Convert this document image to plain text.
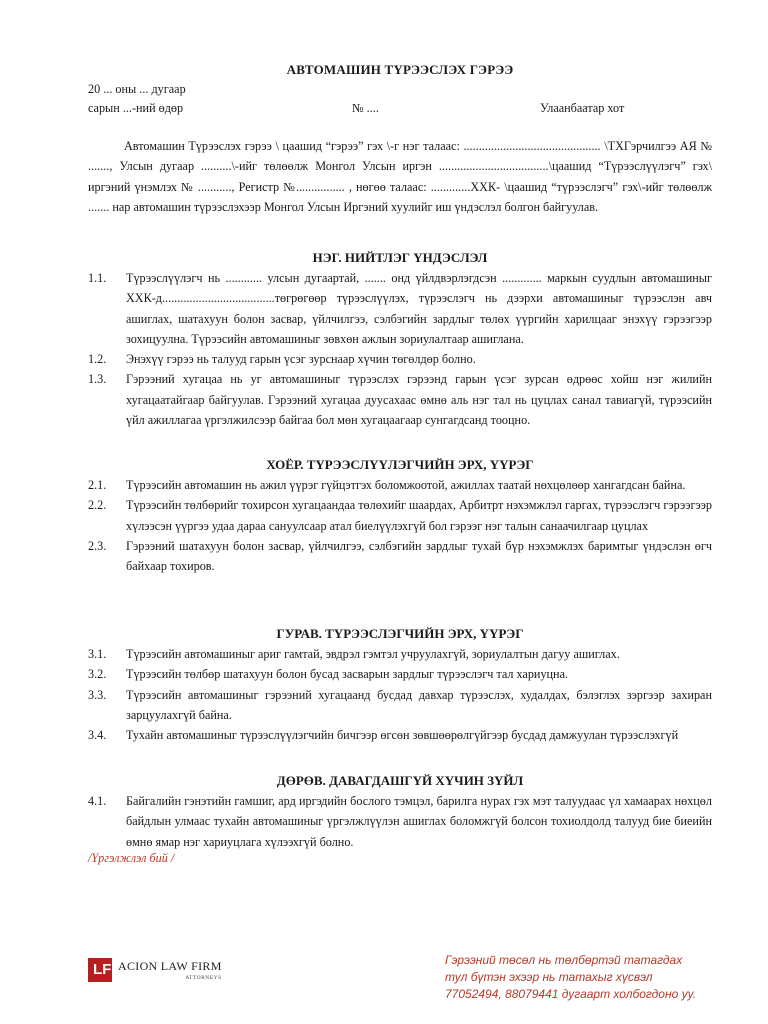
АВТОМАШИН ТҮРЭЭСЛЭХ ГЭРЭЭ
20 ... оны ... дугаар
сарын ...-ний өдөр	№ ....	Улаанбаатар хот

Автомашин Түрээслэх гэрээ \ цаашид “гэрээ” гэх \-г нэг талаас: ............................................. \ТХГэрчилгээ АЯ № ......., Улсын дугаар ..........\-ийг төлөөлж Монгол Улсын иргэн ....................................\цаашид “Түрээслүүлэгч” гэх\ иргэний үнэмлэх № ..........., Регистр №................ , нөгөө талаас: .............ХХК- \цаашид “түрээслэгч” гэх\-ийг төлөөлж ....... нар автомашин түрээслэхээр Монгол Улсын Иргэний хуулийг иш үндэслэл болгон байгуулав.

НЭГ. НИЙТЛЭГ ҮНДЭСЛЭЛ
1.1.	Түрээслүүлэгч нь ............ улсын дугаартай, ....... онд үйлдвэрлэгдсэн ............. маркын суудлын автомашиныг ХХК-д.....................................төгрөгөөр түрээслүүлэх, түрээслэгч нь дээрхи автомашиныг түрээслэн авч ашиглах, шатахуун болон засвар, үйлчилгээ, сэлбэгийн зардлыг төлөх үүргийн харилцааг энэхүү гэрээгээр зохицуулна. Түрээсийн автомашиныг зөвхөн ажлын зориулалтаар ашиглана.

1.2.	Энэхүү гэрээ нь талууд гарын үсэг зурснаар хүчин төгөлдөр болно.

1.3.	Гэрээний хугацаа нь уг автомашиныг түрээслэх гэрээнд гарын үсэг зурсан өдрөөс хойш нэг жилийн хугацаатайгаар байгуулав. Гэрээний хугацаа дуусахаас өмнө аль нэг тал нь цуцлах санал тавиагүй, түрээсийн үйл ажиллагаа үргэлжилсээр байгаа бол мөн хугацаагаар сунгагдсанд тооцно.

ХОЁР. ТҮРЭЭСЛҮҮЛЭГЧИЙН ЭРХ, ҮҮРЭГ
2.1.	Түрээсийн автомашин нь ажил үүрэг гүйцэтгэх боломжоотой, ажиллах таатай нөхцөлөөр хангагдсан байна.

2.2.	Түрээсийн төлбөрийг тохирсон хугацаандаа төлөхийг шаардах, Арбитрт нэхэмжлэл гаргах, түрээслэгч гэрээгээр хүлээсэн үүргээ удаа дараа сануулсаар атал биелүүлэхгүй бол гэрээг нэг талын санаачилгаар цуцлах

2.3.	Гэрээний шатахуун болон засвар, үйлчилгээ, сэлбэгийн зардлыг тухай бүр нэхэмжлэх баримтыг үндэслэн өгч байхаар тохиров.

ГУРАВ. ТҮРЭЭСЛЭГЧИЙН ЭРХ, ҮҮРЭГ
3.1.	Түрээсийн автомашиныг ариг гамтай, эвдрэл гэмтэл учруулахгүй, зориулалтын дагуу ашиглах.

3.2.	Түрээсийн төлбөр шатахуун болон бусад засварын зардлыг түрээслэгч тал хариуцна.

3.3.	Түрээсийн автомашиныг гэрээний хугацаанд бусдад давхар түрээслэх, худалдах, бэлэглэх зэргээр захиран зарцуулахгүй байна.

3.4.	Тухайн автомашиныг түрээслүүлэгчийн бичгээр өгсөн зөвшөөрөлгүйгээр бусдад дамжуулан түрээслэхгүй

ДӨРӨВ. ДАВАГДАШГҮЙ ХҮЧИН ЗҮЙЛ
4.1.	Байгалийн гэнэтийн гамшиг, ард иргэдийн бослого тэмцэл, барилга нурах гэх мэт талуудаас үл хамаарах нөхцөл байдлын улмаас тухайн автомашиныг үргэлжлүүлэн ашиглах боломжгүй болсон тохиолдолд талууд бие биеийн өмнө ямар нэг хариуцлага хүлээхгүй болно.

/Үргэлжлэл бий /
LF ACION LAW FIRM
ATTORNEYS
Гэрээний төсөл нь төлбөртэй татагдах
тул бүтэн эхээр нь татахыг хүсвэл
77052494, 88079441 дугаарт холбогдоно уу.
